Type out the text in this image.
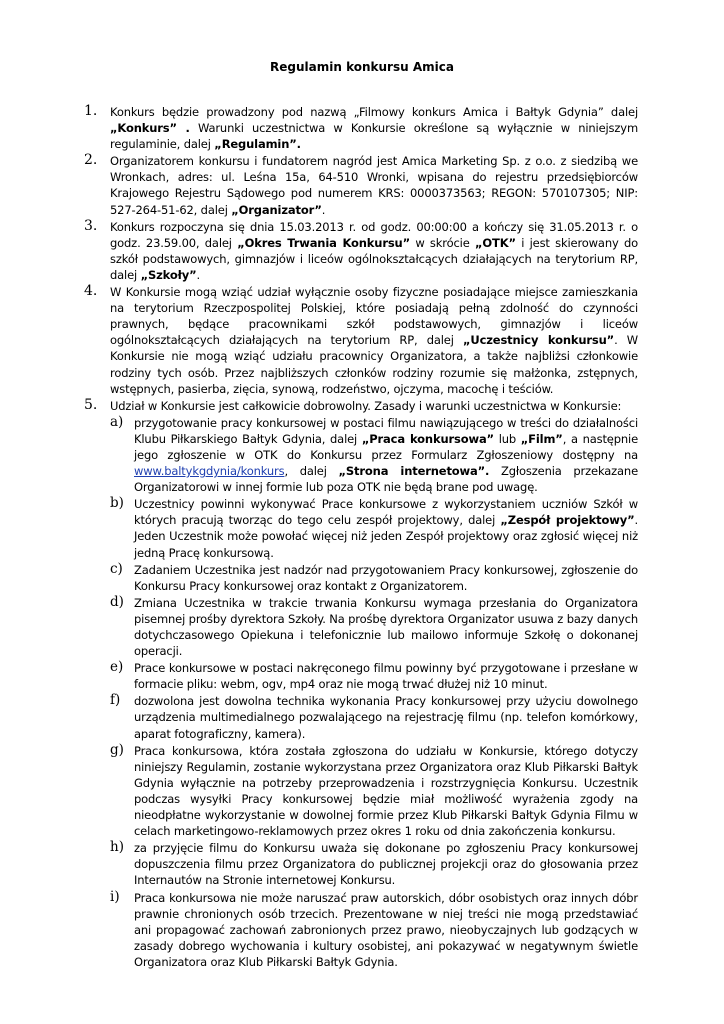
Regulamin konkursu Amica
1. Konkurs będzie prowadzony pod nazwą „Filmowy konkurs Amica i Bałtyk Gdynia” dalej „Konkurs” . Warunki uczestnictwa w Konkursie określone są wyłącznie w niniejszym regulaminie, dalej „Regulamin”.
2. Organizatorem konkursu i fundatorem nagród jest Amica Marketing Sp. z o.o. z siedzibą we Wronkach, adres: ul. Leśna 15a, 64-510 Wronki, wpisana do rejestru przedsiębiorców Krajowego Rejestru Sądowego pod numerem KRS: 0000373563; REGON: 570107305; NIP: 527-264-51-62, dalej „Organizator”.
3. Konkurs rozpoczyna się dnia 15.03.2013 r. od godz. 00:00:00 a kończy się 31.05.2013 r. o godz. 23.59.00, dalej „Okres Trwania Konkursu” w skrócie „OTK” i jest skierowany do szkół podstawowych, gimnazjów i liceów ogólnokształcących działających na terytorium RP, dalej „Szkoły”.
4. W Konkursie mogą wziąć udział wyłącznie osoby fizyczne posiadające miejsce zamieszkania na terytorium Rzeczpospolitej Polskiej, które posiadają pełną zdolność do czynności prawnych, będące pracownikami szkół podstawowych, gimnazjów i liceów ogólnokształcących działających na terytorium RP, dalej „Uczestnicy konkursu”. W Konkursie nie mogą wziąć udziału pracownicy Organizatora, a także najbliżsi członkowie rodziny tych osób. Przez najbliższych członków rodziny rozumie się małżonka, zstępnych, wstępnych, pasierba, zięcia, synową, rodzeństwo, ojczyma, macochę i teściów.
5. Udział w Konkursie jest całkowicie dobrowolny. Zasady i warunki uczestnictwa w Konkursie:
a) przygotowanie pracy konkursowej w postaci filmu nawiązującego w treści do działalności Klubu Piłkarskiego Bałtyk Gdynia, dalej „Praca konkursowa” lub „Film”, a następnie jego zgłoszenie w OTK do Konkursu przez Formularz Zgłoszeniowy dostępny na www.baltykgdynia/konkurs, dalej „Strona internetowa”. Zgłoszenia przekazane Organizatorowi w innej formie lub poza OTK nie będą brane pod uwagę.
b) Uczestnicy powinni wykonywać Prace konkursowe z wykorzystaniem uczniów Szkół w których pracują tworząc do tego celu zespół projektowy, dalej „Zespół projektowy”. Jeden Uczestnik może powołać więcej niż jeden Zespół projektowy oraz zgłosić więcej niż jedną Pracę konkursową.
c) Zadaniem Uczestnika jest nadzór nad przygotowaniem Pracy konkursowej, zgłoszenie do Konkursu Pracy konkursowej oraz kontakt z Organizatorem.
d) Zmiana Uczestnika w trakcie trwania Konkursu wymaga przesłania do Organizatora pisemnej prośby dyrektora Szkoły. Na prośbę dyrektora Organizator usuwa z bazy danych dotychczasowego Opiekuna i telefonicznie lub mailowo informuje Szkołę o dokonanej operacji.
e) Prace konkursowe w postaci nakręconego filmu powinny być przygotowane i przesłane w formacie pliku: webm, ogv, mp4 oraz nie mogą trwać dłużej niż 10 minut.
f) dozwolona jest dowolna technika wykonania Pracy konkursowej przy użyciu dowolnego urządzenia multimedialnego pozwalającego na rejestrację filmu (np. telefon komórkowy, aparat fotograficzny, kamera).
g) Praca konkursowa, która została zgłoszona do udziału w Konkursie, którego dotyczy niniejszy Regulamin, zostanie wykorzystana przez Organizatora oraz Klub Piłkarski Bałtyk Gdynia wyłącznie na potrzeby przeprowadzenia i rozstrzygnięcia Konkursu. Uczestnik podczas wysyłki Pracy konkursowej będzie miał możliwość wyrażenia zgody na nieodpłatne wykorzystanie w dowolnej formie przez Klub Piłkarski Bałtyk Gdynia Filmu w celach marketingowo-reklamowych przez okres 1 roku od dnia zakończenia konkursu.
h) za przyjęcie filmu do Konkursu uważa się dokonane po zgłoszeniu Pracy konkursowej dopuszczenia filmu przez Organizatora do publicznej projekcji oraz do głosowania przez Internautów na Stronie internetowej Konkursu.
i) Praca konkursowa nie może naruszać praw autorskich, dóbr osobistych oraz innych dóbr prawnie chronionych osób trzecich. Prezentowane w niej treści nie mogą przedstawiać ani propagować zachowań zabronionych przez prawo, nieobyczajnych lub godzących w zasady dobrego wychowania i kultury osobistej, ani pokazywać w negatywnym świetle Organizatora oraz Klub Piłkarski Bałtyk Gdynia.
